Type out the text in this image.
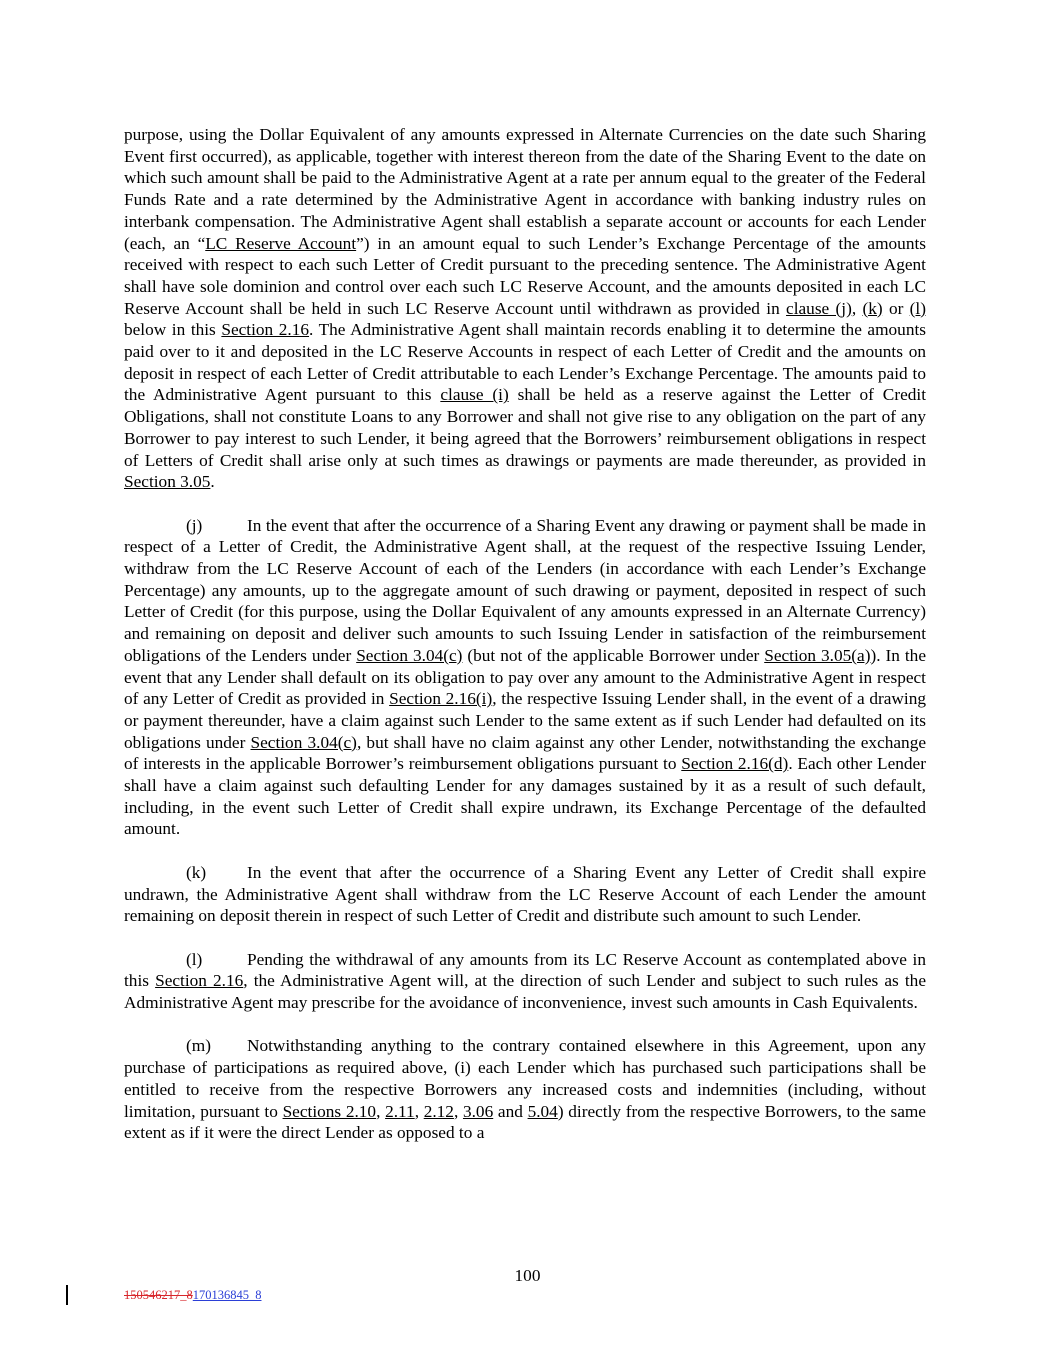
purpose, using the Dollar Equivalent of any amounts expressed in Alternate Currencies on the date such Sharing Event first occurred), as applicable, together with interest thereon from the date of the Sharing Event to the date on which such amount shall be paid to the Administrative Agent at a rate per annum equal to the greater of the Federal Funds Rate and a rate determined by the Administrative Agent in accordance with banking industry rules on interbank compensation. The Administrative Agent shall establish a separate account or accounts for each Lender (each, an “LC Reserve Account”) in an amount equal to such Lender’s Exchange Percentage of the amounts received with respect to each such Letter of Credit pursuant to the preceding sentence. The Administrative Agent shall have sole dominion and control over each such LC Reserve Account, and the amounts deposited in each LC Reserve Account shall be held in such LC Reserve Account until withdrawn as provided in clause (j), (k) or (l) below in this Section 2.16. The Administrative Agent shall maintain records enabling it to determine the amounts paid over to it and deposited in the LC Reserve Accounts in respect of each Letter of Credit and the amounts on deposit in respect of each Letter of Credit attributable to each Lender’s Exchange Percentage. The amounts paid to the Administrative Agent pursuant to this clause (i) shall be held as a reserve against the Letter of Credit Obligations, shall not constitute Loans to any Borrower and shall not give rise to any obligation on the part of any Borrower to pay interest to such Lender, it being agreed that the Borrowers’ reimbursement obligations in respect of Letters of Credit shall arise only at such times as drawings or payments are made thereunder, as provided in Section 3.05.

(j)	In the event that after the occurrence of a Sharing Event any drawing or payment shall be made in respect of a Letter of Credit, the Administrative Agent shall, at the request of the respective Issuing Lender, withdraw from the LC Reserve Account of each of the Lenders (in accordance with each Lender’s Exchange Percentage) any amounts, up to the aggregate amount of such drawing or payment, deposited in respect of such Letter of Credit (for this purpose, using the Dollar Equivalent of any amounts expressed in an Alternate Currency) and remaining on deposit and deliver such amounts to such Issuing Lender in satisfaction of the reimbursement obligations of the Lenders under Section 3.04(c) (but not of the applicable Borrower under Section 3.05(a)). In the event that any Lender shall default on its obligation to pay over any amount to the Administrative Agent in respect of any Letter of Credit as provided in Section 2.16(i), the respective Issuing Lender shall, in the event of a drawing or payment thereunder, have a claim against such Lender to the same extent as if such Lender had defaulted on its obligations under Section 3.04(c), but shall have no claim against any other Lender, notwithstanding the exchange of interests in the applicable Borrower’s reimbursement obligations pursuant to Section 2.16(d). Each other Lender shall have a claim against such defaulting Lender for any damages sustained by it as a result of such default, including, in the event such Letter of Credit shall expire undrawn, its Exchange Percentage of the defaulted amount.

(k) In the event that after the occurrence of a Sharing Event any Letter of Credit shall expire undrawn, the Administrative Agent shall withdraw from the LC Reserve Account of each Lender the amount remaining on deposit therein in respect of such Letter of Credit and distribute such amount to such Lender.

(l)	Pending the withdrawal of any amounts from its LC Reserve Account as contemplated above in this Section 2.16, the Administrative Agent will, at the direction of such Lender and subject to such rules as the Administrative Agent may prescribe for the avoidance of inconvenience, invest such amounts in Cash Equivalents.

(m) Notwithstanding anything to the contrary contained elsewhere in this Agreement, upon any purchase of participations as required above, (i) each Lender which has purchased such participations shall be entitled to receive from the respective Borrowers any increased costs and indemnities (including, without limitation, pursuant to Sections 2.10, 2.11, 2.12, 3.06 and 5.04) directly from the respective Borrowers, to the same extent as if it were the direct Lender as opposed to a

100
150546217_8170136845_8
